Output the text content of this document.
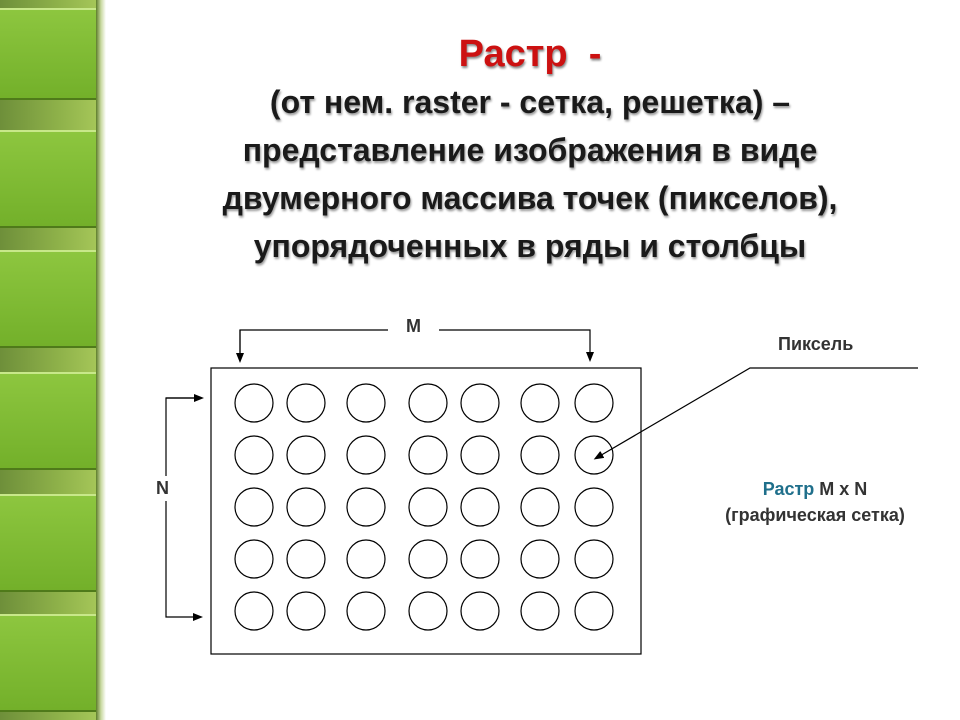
Растр -
(от нем. raster - сетка, решетка) –
представление изображения в виде
двумерного массива точек (пикселов),
упорядоченных в ряды и столбцы
M
N
Пиксель
Растр M x N
(графическая сетка)
